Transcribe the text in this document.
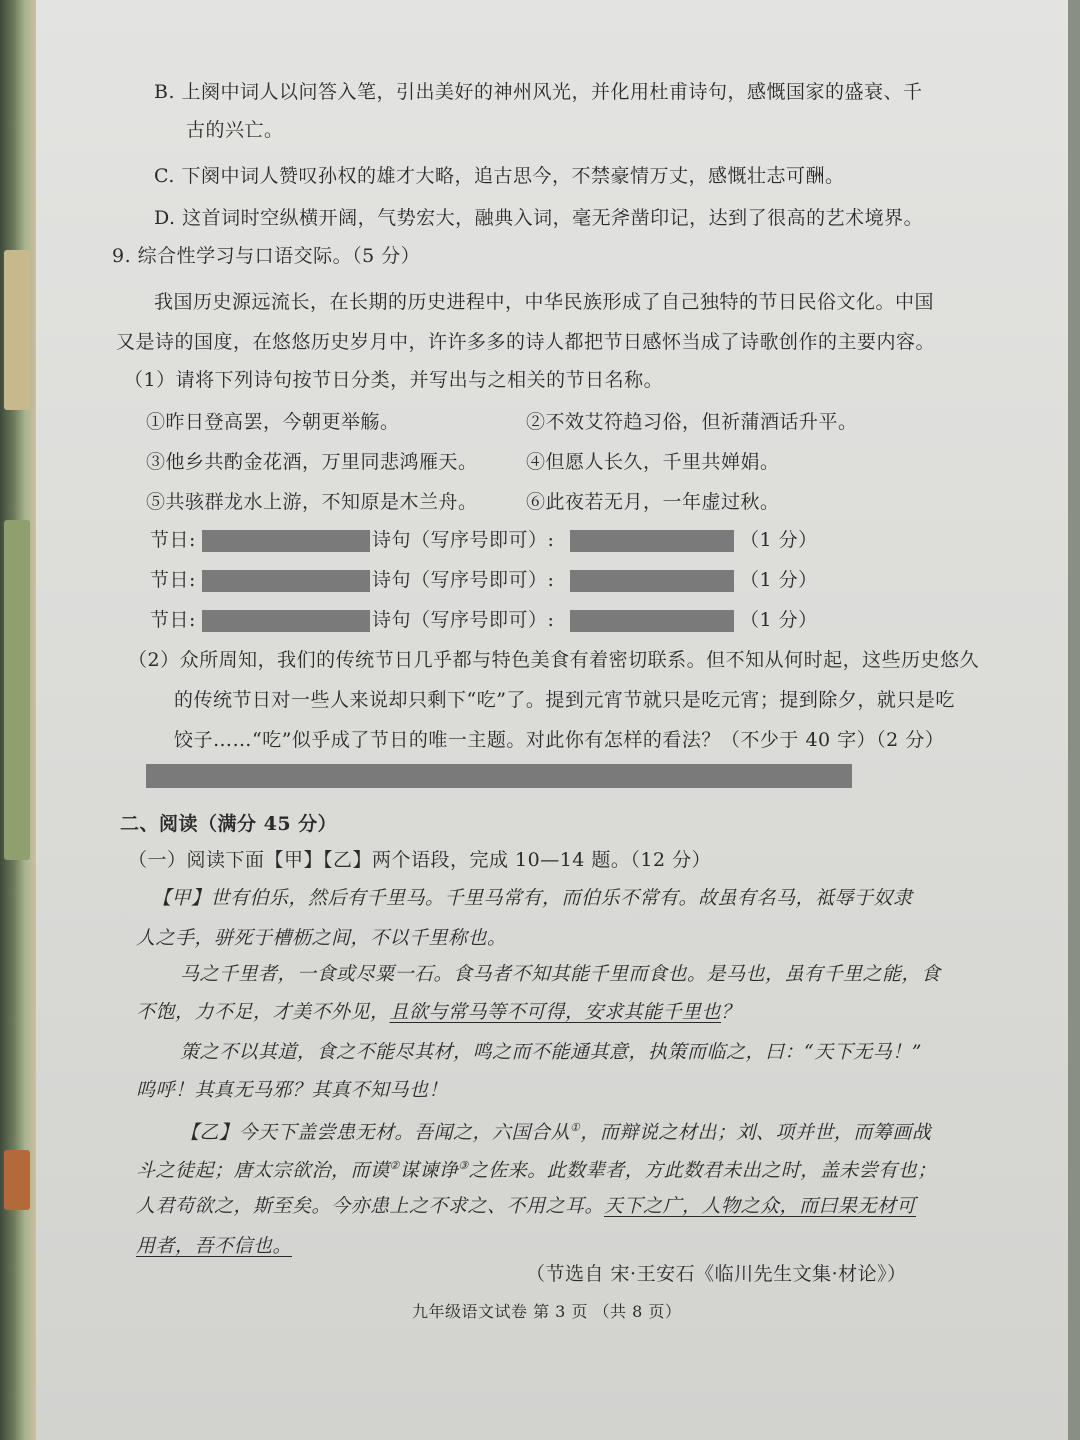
B. 上阕中词人以问答入笔，引出美好的神州风光，并化用杜甫诗句，感慨国家的盛衰、千
古的兴亡。
C. 下阕中词人赞叹孙权的雄才大略，追古思今，不禁豪情万丈，感慨壮志可酬。
D. 这首词时空纵横开阔，气势宏大，融典入词，毫无斧凿印记，达到了很高的艺术境界。
9. 综合性学习与口语交际。（5 分）
我国历史源远流长，在长期的历史进程中，中华民族形成了自己独特的节日民俗文化。中国
又是诗的国度，在悠悠历史岁月中，许许多多的诗人都把节日感怀当成了诗歌创作的主要内容。
（1）请将下列诗句按节日分类，并写出与之相关的节日名称。
①昨日登高罢，今朝更举觞。	②不效艾符趋习俗，但祈蒲酒话升平。
③他乡共酌金花酒，万里同悲鸿雁天。	④但愿人长久，千里共婵娟。
⑤共骇群龙水上游，不知原是木兰舟。	⑥此夜若无月，一年虚过秋。
节日:	诗句（写序号即可）:	（1 分）
节日:	诗句（写序号即可）:	（1 分）
节日:	诗句（写序号即可）:	（1 分）
（2）众所周知，我们的传统节日几乎都与特色美食有着密切联系。但不知从何时起，这些历史悠久
的传统节日对一些人来说却只剩下“吃”了。提到元宵节就只是吃元宵；提到除夕，就只是吃
饺子……“吃”似乎成了节日的唯一主题。对此你有怎样的看法？（不少于 40 字）（2 分）
二、阅读（满分 45 分）
（一）阅读下面【甲】【乙】两个语段，完成 10—14 题。（12 分）
【甲】世有伯乐，然后有千里马。千里马常有，而伯乐不常有。故虽有名马，祗辱于奴隶
人之手，骈死于槽枥之间，不以千里称也。
马之千里者，一食或尽粟一石。食马者不知其能千里而食也。是马也，虽有千里之能，食
不饱，力不足，才美不外见，且欲与常马等不可得，安求其能千里也？
策之不以其道，食之不能尽其材，鸣之而不能通其意，执策而临之，曰：“天下无马！”
呜呼！其真无马邪？其真不知马也！
【乙】今天下盖尝患无材。吾闻之，六国合从①，而辩说之材出；刘、项并世，而筹画战
斗之徒起；唐太宗欲治，而谟②谋谏诤③之佐来。此数辈者，方此数君未出之时，盖未尝有也；
人君苟欲之，斯至矣。今亦患上之不求之、不用之耳。天下之广，人物之众，而曰果无材可
用者，吾不信也。
（节选自 宋·王安石《临川先生文集·材论》）
九年级语文试卷 第 3 页 （共 8 页）
